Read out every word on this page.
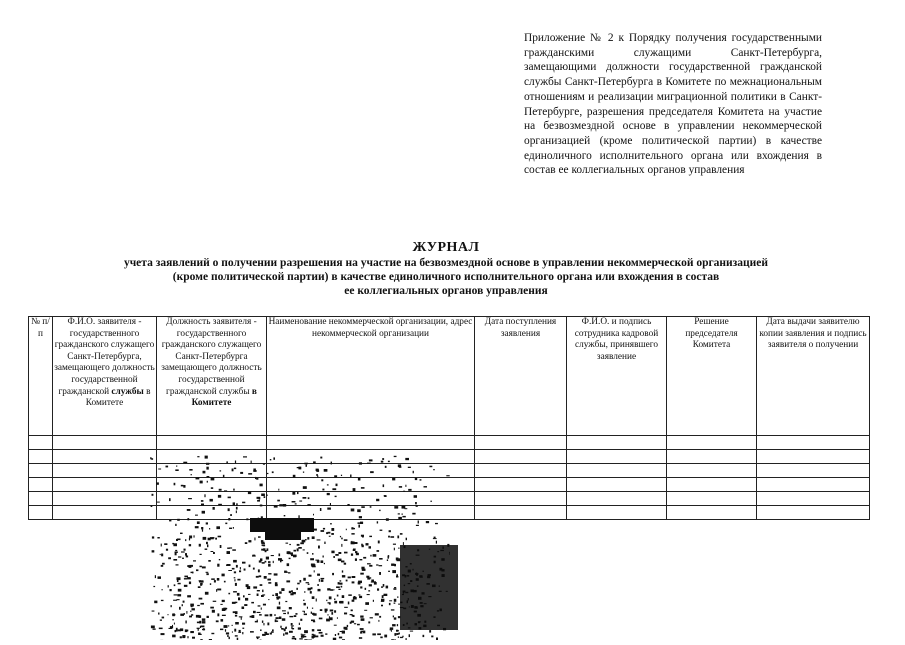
Приложение № 2 к Порядку получения государственными гражданскими служащими Санкт-Петербурга, замещающими должности государственной гражданской службы Санкт-Петербурга в Комитете по межнациональным отношениям и реализации миграционной политики в Санкт-Петербурге, разрешения председателя Комитета на участие на безвозмездной основе в управлении некоммерческой организацией (кроме политической партии) в качестве единоличного исполнительного органа или вхождения в состав ее коллегиальных органов управления
ЖУРНАЛ
учета заявлений о получении разрешения на участие на безвозмездной основе в управлении некоммерческой организацией
(кроме политической партии) в качестве единоличного исполнительного органа или вхождения в состав
ее коллегиальных органов управления
№ п/п	Ф.И.О. заявителя - государственного гражданского служащего Санкт-Петербурга, замещающего должность государственной гражданской службы в Комитете	Должность заявителя - государственного гражданского служащего Санкт-Петербурга замещающего должность государственной гражданской службы в Комитете	Наименование некоммерческой организации, адрес некоммерческой организации	Дата поступления заявления	Ф.И.О. и подпись сотрудника кадровой службы, принявшего заявление	Решение председателя Комитета	Дата выдачи заявителю копии заявления и подпись заявителя о получении
